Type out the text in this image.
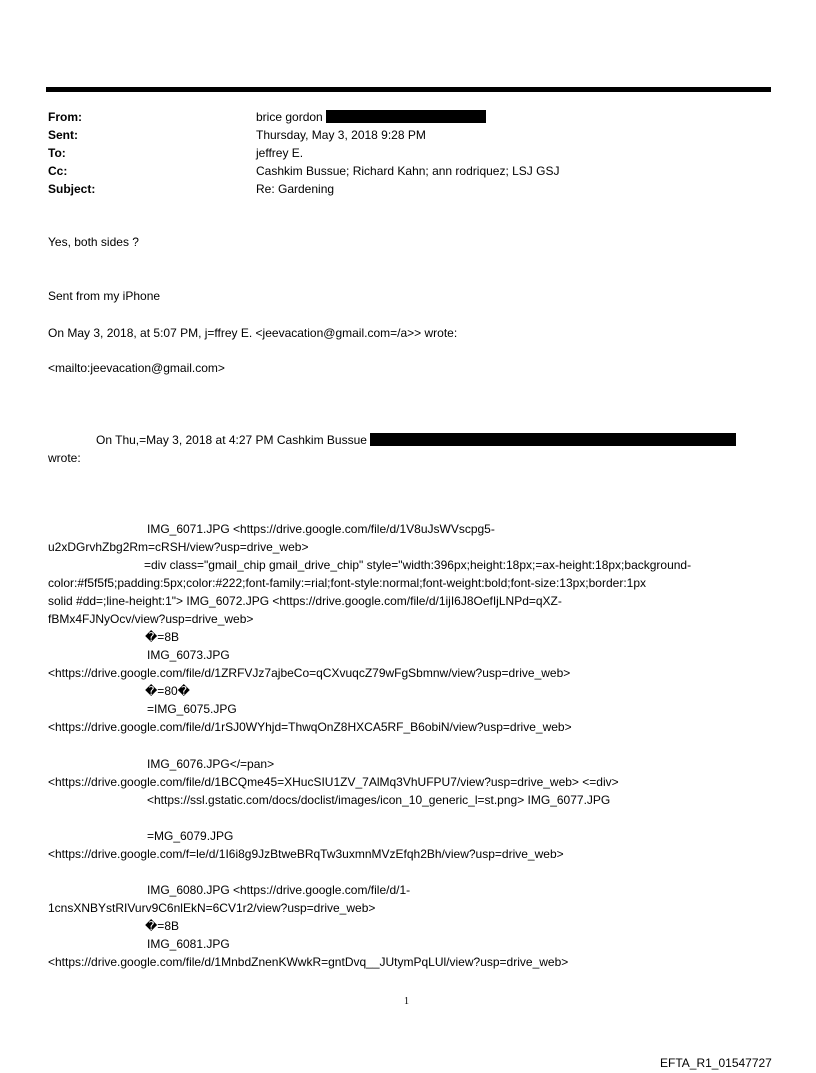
From:	brice gordon
Sent:	Thursday, May 3, 2018 9:28 PM
To:	jeffrey E.
Cc:	Cashkim Bussue; Richard Kahn; ann rodriquez; LSJ GSJ
Subject:	Re: Gardening
Yes, both sides ?
Sent from my iPhone
On May 3, 2018, at 5:07 PM, j=ffrey E. <jeevacation@gmail.com=/a>> wrote:
<mailto:jeevacation@gmail.com>
On Thu,=May 3, 2018 at 4:27 PM Cashkim Bussue
wrote:
IMG_6071.JPG <https://drive.google.com/file/d/1V8uJsWVscpg5-
u2xDGrvhZbg2Rm=cRSH/view?usp=drive_web>
=div class="gmail_chip gmail_drive_chip" style="width:396px;height:18px;=ax-height:18px;background-
color:#f5f5f5;padding:5px;color:#222;font-family:=rial;font-style:normal;font-weight:bold;font-size:13px;border:1px
solid #dd=;line-height:1"> IMG_6072.JPG <https://drive.google.com/file/d/1ijI6J8OefIjLNPd=qXZ-
fBMx4FJNyOcv/view?usp=drive_web>
�=8B
IMG_6073.JPG
<https://drive.google.com/file/d/1ZRFVJz7ajbeCo=qCXvuqcZ79wFgSbmnw/view?usp=drive_web>
�=80�
=IMG_6075.JPG
<https://drive.google.com/file/d/1rSJ0WYhjd=ThwqOnZ8HXCA5RF_B6obiN/view?usp=drive_web>
IMG_6076.JPG</=pan>
<https://drive.google.com/file/d/1BCQme45=XHucSIU1ZV_7AlMq3VhUFPU7/view?usp=drive_web> <=div>
<https://ssl.gstatic.com/docs/doclist/images/icon_10_generic_l=st.png> IMG_6077.JPG
=MG_6079.JPG
<https://drive.google.com/f=le/d/1I6i8g9JzBtweBRqTw3uxmnMVzEfqh2Bh/view?usp=drive_web>
IMG_6080.JPG <https://drive.google.com/file/d/1-
1cnsXNBYstRIVurv9C6nlEkN=6CV1r2/view?usp=drive_web>
�=8B
IMG_6081.JPG
<https://drive.google.com/file/d/1MnbdZnenKWwkR=gntDvq__JUtymPqLUl/view?usp=drive_web>
1
EFTA_R1_01547727
